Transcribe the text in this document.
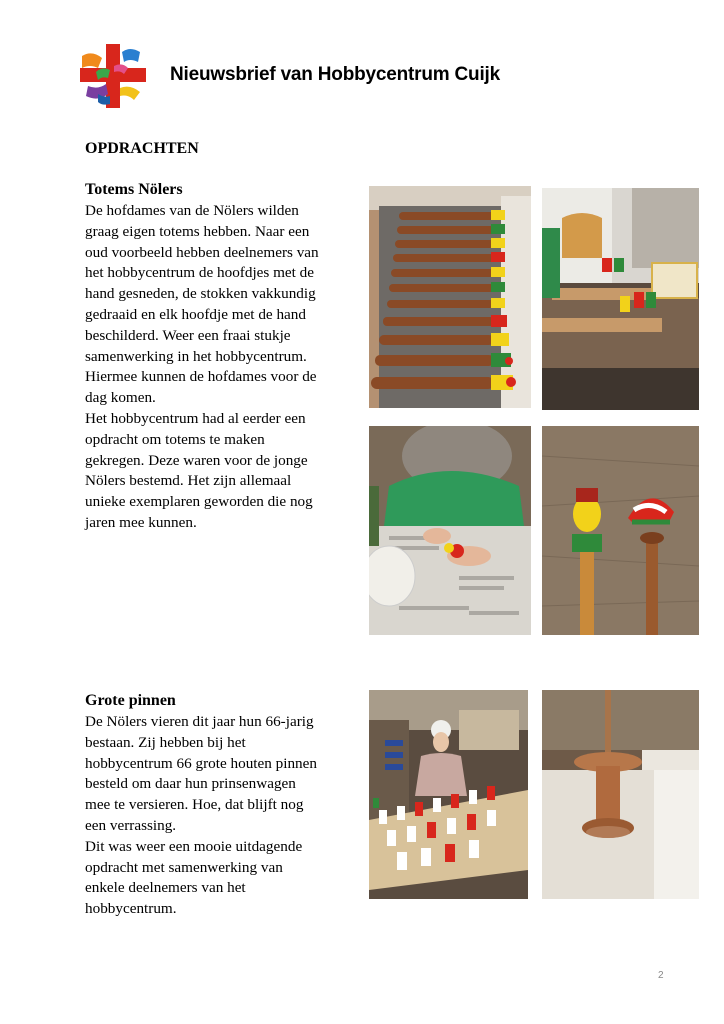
Nieuwsbrief van Hobbycentrum Cuijk
OPDRACHTEN
Totems Nölers
De hofdames van de Nölers wilden
graag eigen totems hebben. Naar een
oud voorbeeld hebben deelnemers van
het hobbycentrum de hoofdjes met de
hand gesneden, de stokken vakkundig
gedraaid en elk hoofdje met de hand
beschilderd. Weer een fraai stukje
samenwerking in het hobbycentrum.
Hiermee kunnen de hofdames voor de
dag komen.
Het hobbycentrum had al eerder een
opdracht om totems te maken
gekregen. Deze waren voor de jonge
Nölers bestemd. Het zijn allemaal
unieke exemplaren geworden die nog
jaren mee kunnen.
Grote pinnen
De Nölers vieren dit jaar hun 66-jarig
bestaan. Zij hebben bij het
hobbycentrum 66 grote houten pinnen
besteld om daar hun prinsenwagen
mee te versieren. Hoe, dat blijft nog
een verrassing.
Dit was weer een mooie uitdagende
opdracht met samenwerking van
enkele deelnemers van het
hobbycentrum.
2
